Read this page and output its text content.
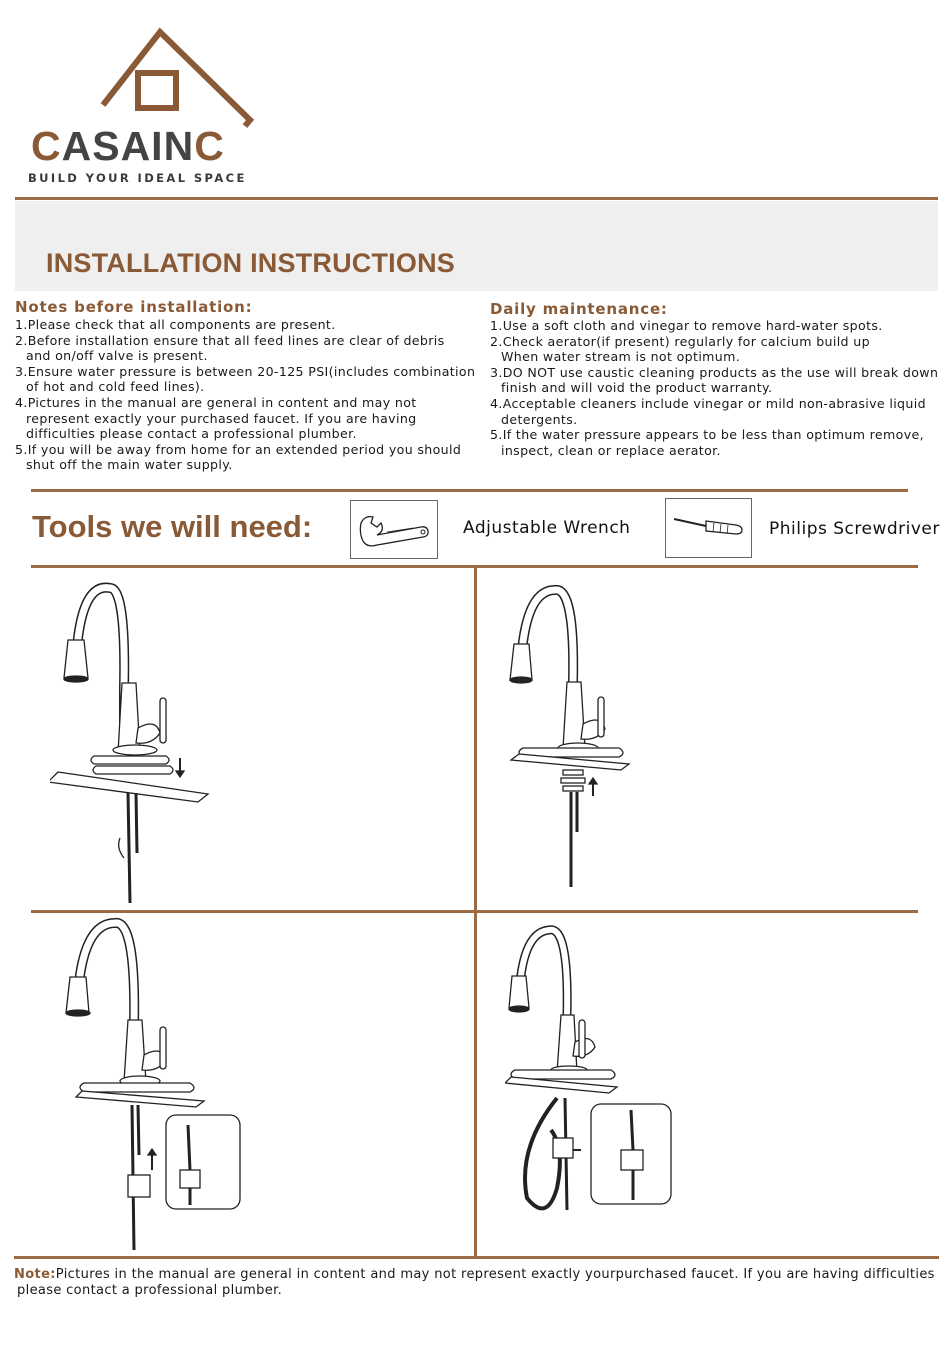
CASAINC
BUILD YOUR IDEAL SPACE
INSTALLATION INSTRUCTIONS
Notes before installation:
1.Please check that all components are present.
2.Before installation ensure that all feed lines are clear of debris
and on/off valve is present.
3.Ensure water pressure is between 20-125 PSI(includes combination
of hot and cold feed lines).
4.Pictures in the manual are general in content and may not
represent exactly your purchased faucet. If you are having
difficulties please contact a professional plumber.
5.If you will be away from home for an extended period you should
shut off the main water supply.
Daily maintenance:
1.Use a soft cloth and vinegar to remove hard-water spots.
2.Check aerator(if present) regularly for calcium build up
When water stream is not optimum.
3.DO NOT use caustic cleaning products as the use will break down
finish and will void the product warranty.
4.Acceptable cleaners include vinegar or mild non-abrasive liquid
detergents.
5.If the water pressure appears to be less than optimum remove,
inspect, clean or replace aerator.
Tools we will need:	Adjustable Wrench	Philips Screwdriver
Note:Pictures in the manual are general in content and may not represent exactly yourpurchased faucet. If you are having difficulties
please contact a professional plumber.
